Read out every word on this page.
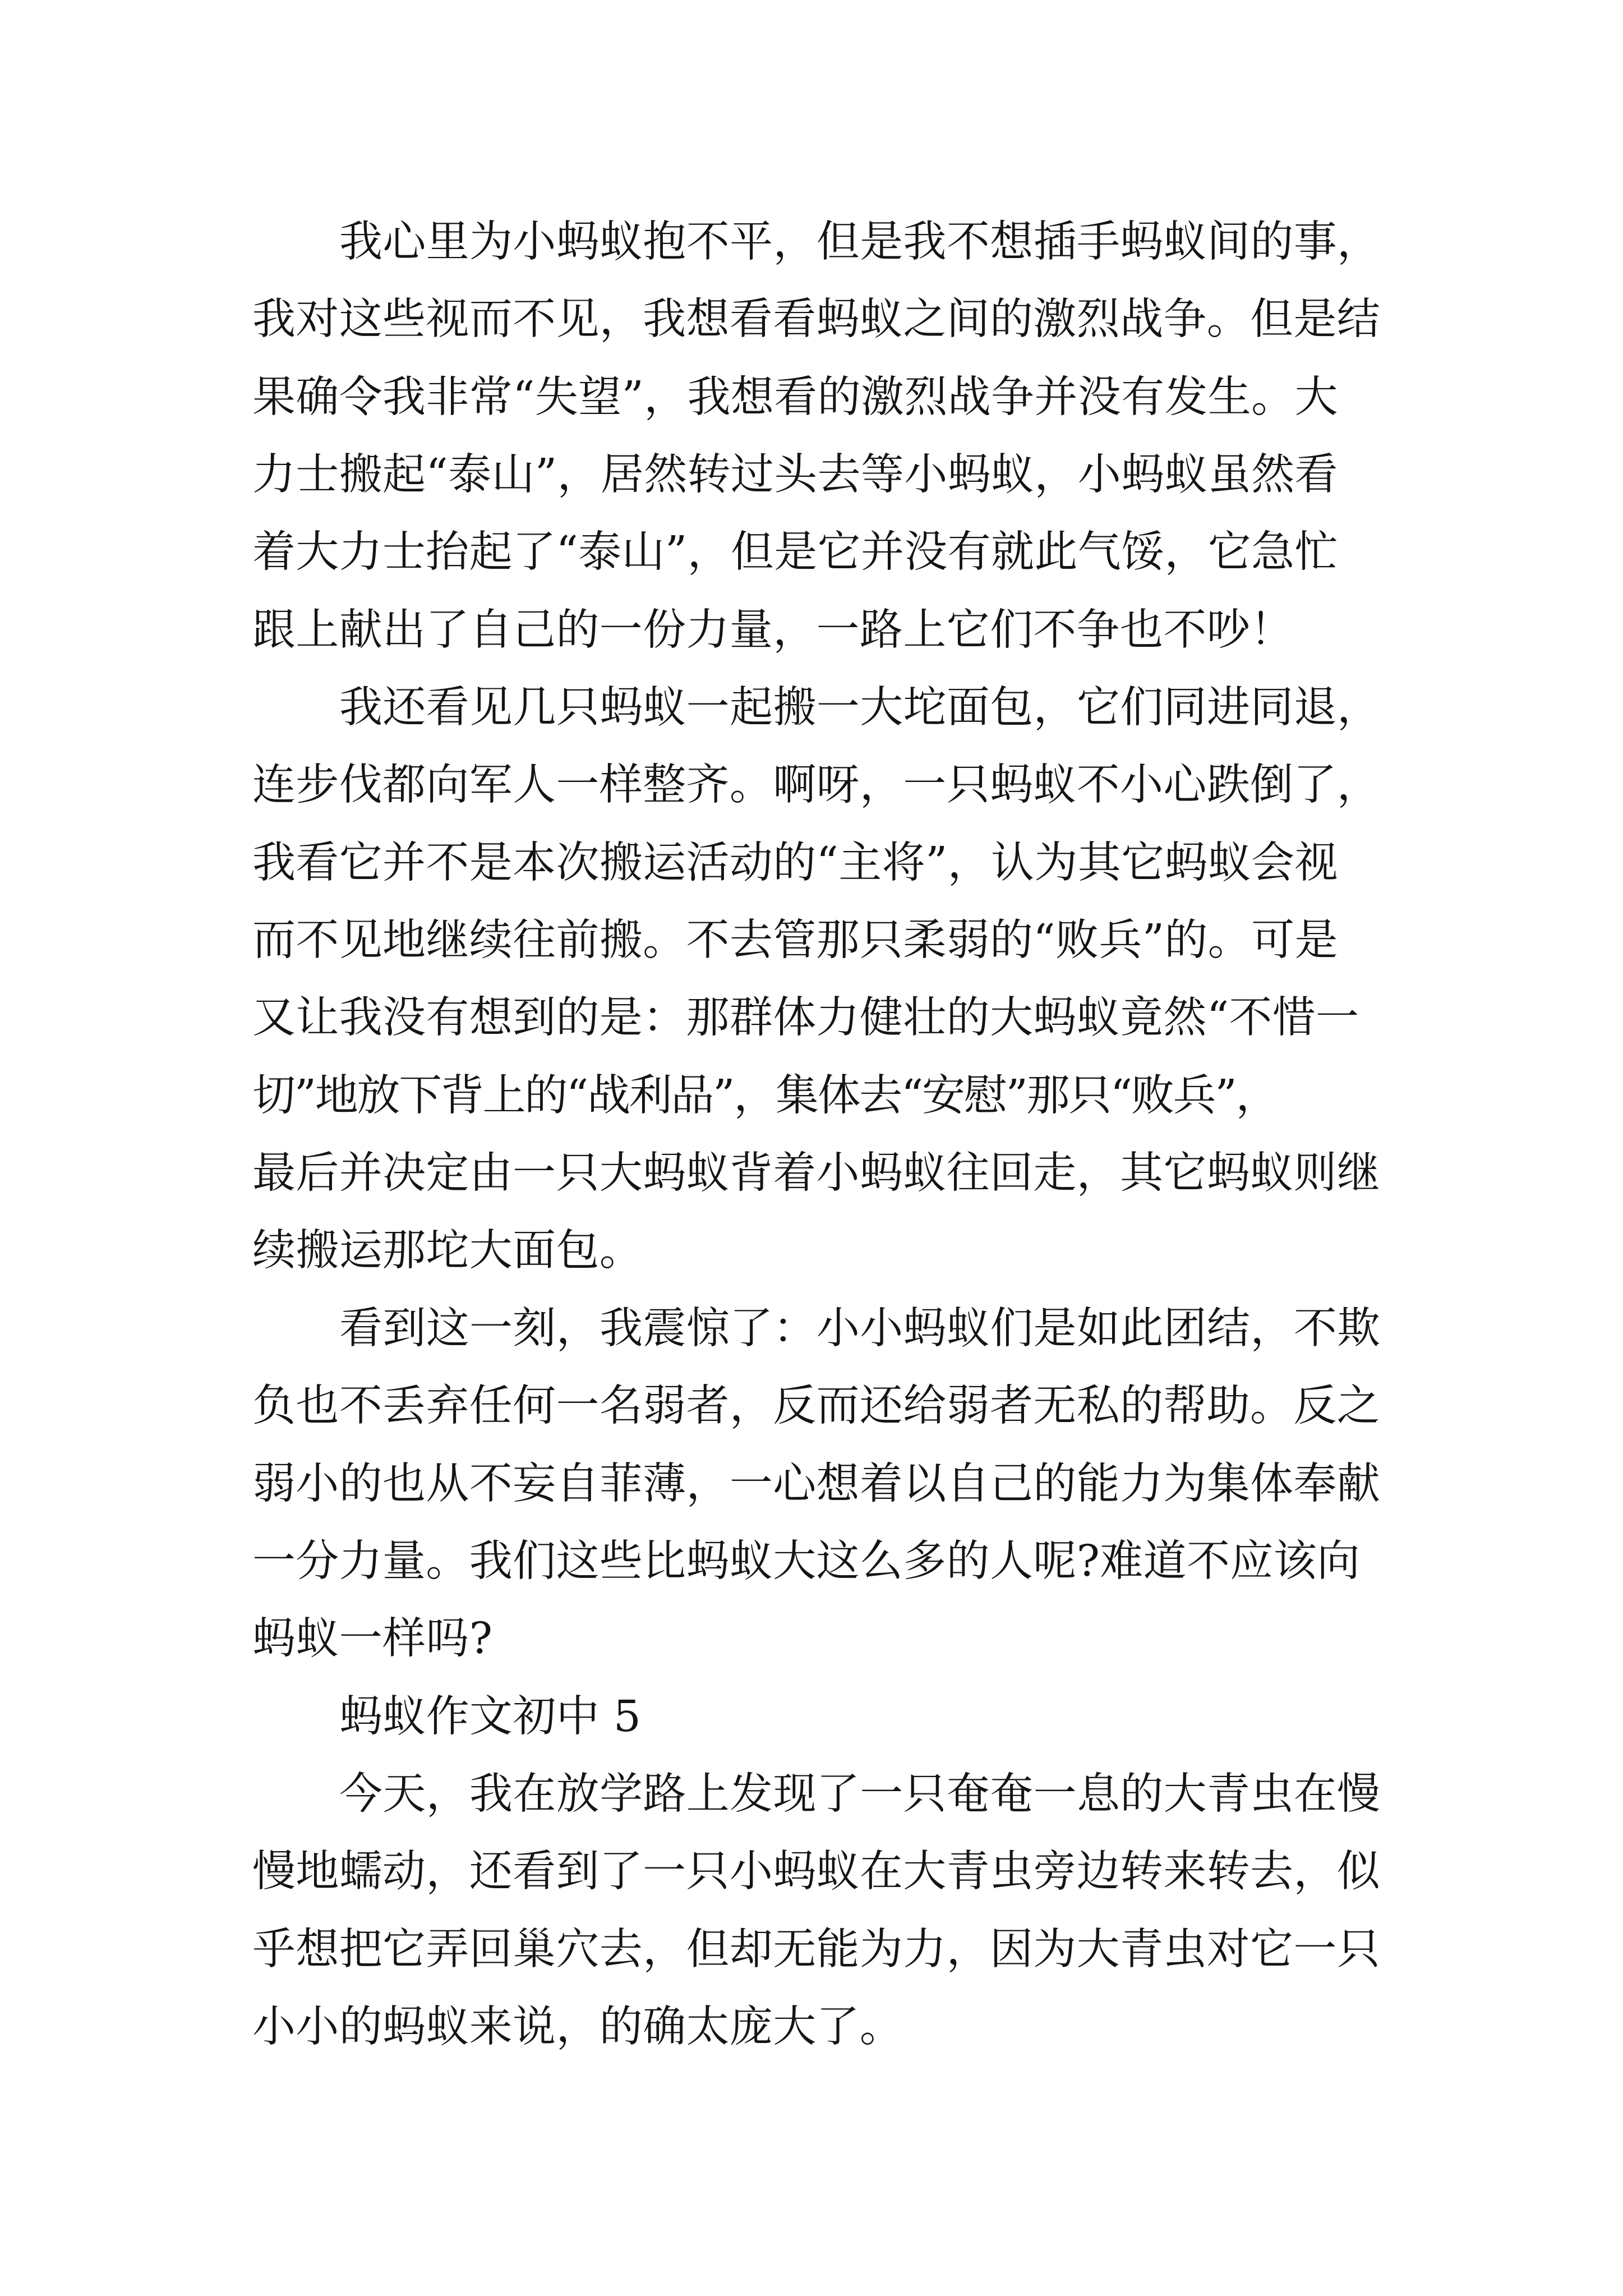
我心里为小蚂蚁抱不平，但是我不想插手蚂蚁间的事，
我对这些视而不见，我想看看蚂蚁之间的激烈战争。但是结
果确令我非常“失望”，我想看的激烈战争并没有发生。大
力士搬起“泰山”，居然转过头去等小蚂蚁，小蚂蚁虽然看
着大力士抬起了“泰山”，但是它并没有就此气馁，它急忙
跟上献出了自己的一份力量，一路上它们不争也不吵！
我还看见几只蚂蚁一起搬一大坨面包，它们同进同退，
连步伐都向军人一样整齐。啊呀，一只蚂蚁不小心跌倒了，
我看它并不是本次搬运活动的“主将”，认为其它蚂蚁会视
而不见地继续往前搬。不去管那只柔弱的“败兵”的。可是
又让我没有想到的是：那群体力健壮的大蚂蚁竟然“不惜一
切”地放下背上的“战利品”，集体去“安慰”那只“败兵”，
最后并决定由一只大蚂蚁背着小蚂蚁往回走，其它蚂蚁则继
续搬运那坨大面包。
看到这一刻，我震惊了：小小蚂蚁们是如此团结，不欺
负也不丢弃任何一名弱者，反而还给弱者无私的帮助。反之
弱小的也从不妄自菲薄，一心想着以自己的能力为集体奉献
一分力量。我们这些比蚂蚁大这么多的人呢?难道不应该向
蚂蚁一样吗?
蚂蚁作文初中 5
今天，我在放学路上发现了一只奄奄一息的大青虫在慢
慢地蠕动，还看到了一只小蚂蚁在大青虫旁边转来转去，似
乎想把它弄回巢穴去，但却无能为力，因为大青虫对它一只
小小的蚂蚁来说，的确太庞大了。
